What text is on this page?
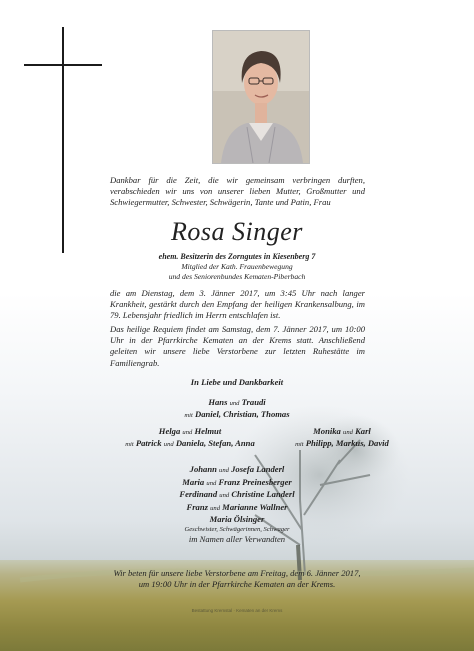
Dankbar für die Zeit, die wir gemeinsam verbringen durften, verabschieden wir uns von unserer lieben Mutter, Großmutter und Schwiegermutter, Schwester, Schwägerin, Tante und Patin, Frau
Rosa Singer
ehem. Besitzerin des Zorngutes in Kiesenberg 7
Mitglied der Kath. Frauenbewegung
und des Seniorenbundes Kematen-Piberbach
die am Dienstag, dem 3. Jänner 2017, um 3:45 Uhr nach langer Krankheit, gestärkt durch den Empfang der heiligen Krankensalbung, im 79. Lebensjahr friedlich im Herrn entschlafen ist.
Das heilige Requiem findet am Samstag, dem 7. Jänner 2017, um 10:00 Uhr in der Pfarrkirche Kematen an der Krems statt. Anschließend geleiten wir unsere liebe Verstorbene zur letzten Ruhestätte im Familiengrab.
In Liebe und Dankbarkeit
Hans und Traudi
mit Daniel, Christian, Thomas
Helga und Helmut
mit Patrick und Daniela, Stefan, Anna
Monika und Karl
mit Philipp, Markus, David
Johann und Josefa Landerl
Maria und Franz Preinesberger
Ferdinand und Christine Landerl
Franz und Marianne Wallner
Maria Ölsinger
Geschwister, Schwägerinnen, Schwager
im Namen aller Verwandten
Wir beten für unsere liebe Verstorbene am Freitag, dem 6. Jänner 2017,
um 19:00 Uhr in der Pfarrkirche Kematen an der Krems.
Bestattung Kremstal · Kematen an der Krems
